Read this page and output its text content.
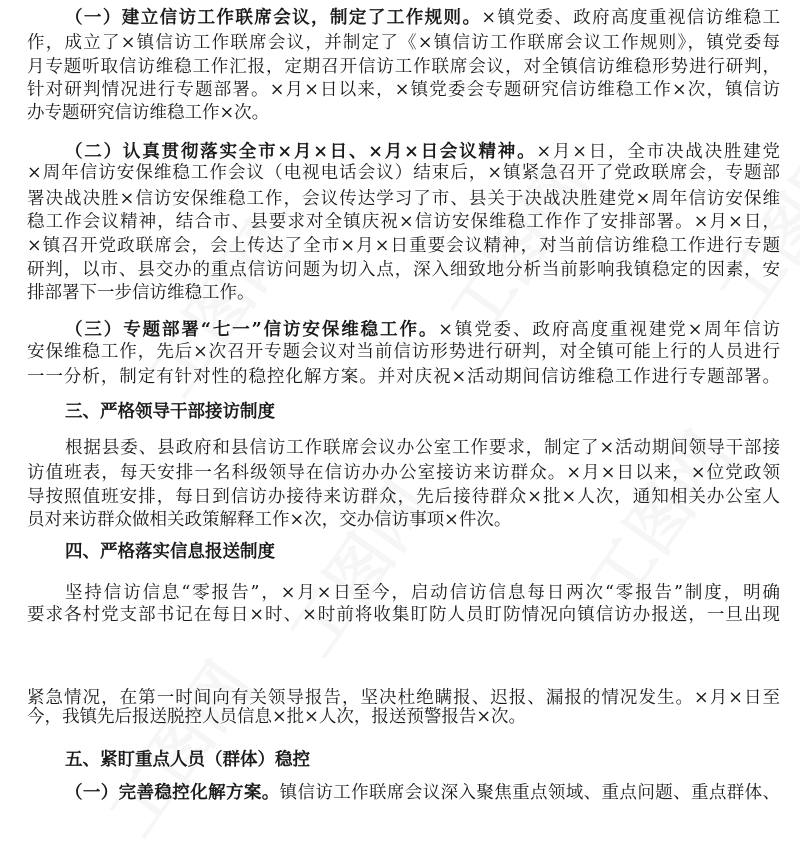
（一）建立信访工作联席会议，制定了工作规则。×镇党委、政府高度重视信访维稳工
作，成立了×镇信访工作联席会议，并制定了《×镇信访工作联席会议工作规则》，镇党委每
月专题听取信访维稳工作汇报，定期召开信访工作联席会议，对全镇信访维稳形势进行研判，
针对研判情况进行专题部署。×月×日以来，×镇党委会专题研究信访维稳工作×次，镇信访
办专题研究信访维稳工作×次。
（二）认真贯彻落实全市×月×日、×月×日会议精神。×月×日，全市决战决胜建党
×周年信访安保维稳工作会议（电视电话会议）结束后，×镇紧急召开了党政联席会，专题部
署决战决胜×信访安保维稳工作，会议传达学习了市、县关于决战决胜建党×周年信访安保维
稳工作会议精神，结合市、县要求对全镇庆祝×信访安保维稳工作作了安排部署。×月×日，
×镇召开党政联席会，会上传达了全市×月×日重要会议精神，对当前信访维稳工作进行专题
研判，以市、县交办的重点信访问题为切入点，深入细致地分析当前影响我镇稳定的因素，安
排部署下一步信访维稳工作。
（三）专题部署“七一”信访安保维稳工作。×镇党委、政府高度重视建党×周年信访
安保维稳工作，先后×次召开专题会议对当前信访形势进行研判，对全镇可能上行的人员进行
一一分析，制定有针对性的稳控化解方案。并对庆祝×活动期间信访维稳工作进行专题部署。
三、严格领导干部接访制度
根据县委、县政府和县信访工作联席会议办公室工作要求，制定了×活动期间领导干部接
访值班表，每天安排一名科级领导在信访办办公室接访来访群众。×月×日以来，×位党政领
导按照值班安排，每日到信访办接待来访群众，先后接待群众×批×人次，通知相关办公室人
员对来访群众做相关政策解释工作×次，交办信访事项×件次。
四、严格落实信息报送制度
坚持信访信息“零报告”，×月×日至今，启动信访信息每日两次“零报告”制度，明确
要求各村党支部书记在每日×时、×时前将收集盯防人员盯防情况向镇信访办报送，一旦出现
紧急情况，在第一时间向有关领导报告，坚决杜绝瞒报、迟报、漏报的情况发生。×月×日至
今，我镇先后报送脱控人员信息×批×人次，报送预警报告×次。
五、紧盯重点人员（群体）稳控
（一）完善稳控化解方案。镇信访工作联席会议深入聚焦重点领域、重点问题、重点群体、
